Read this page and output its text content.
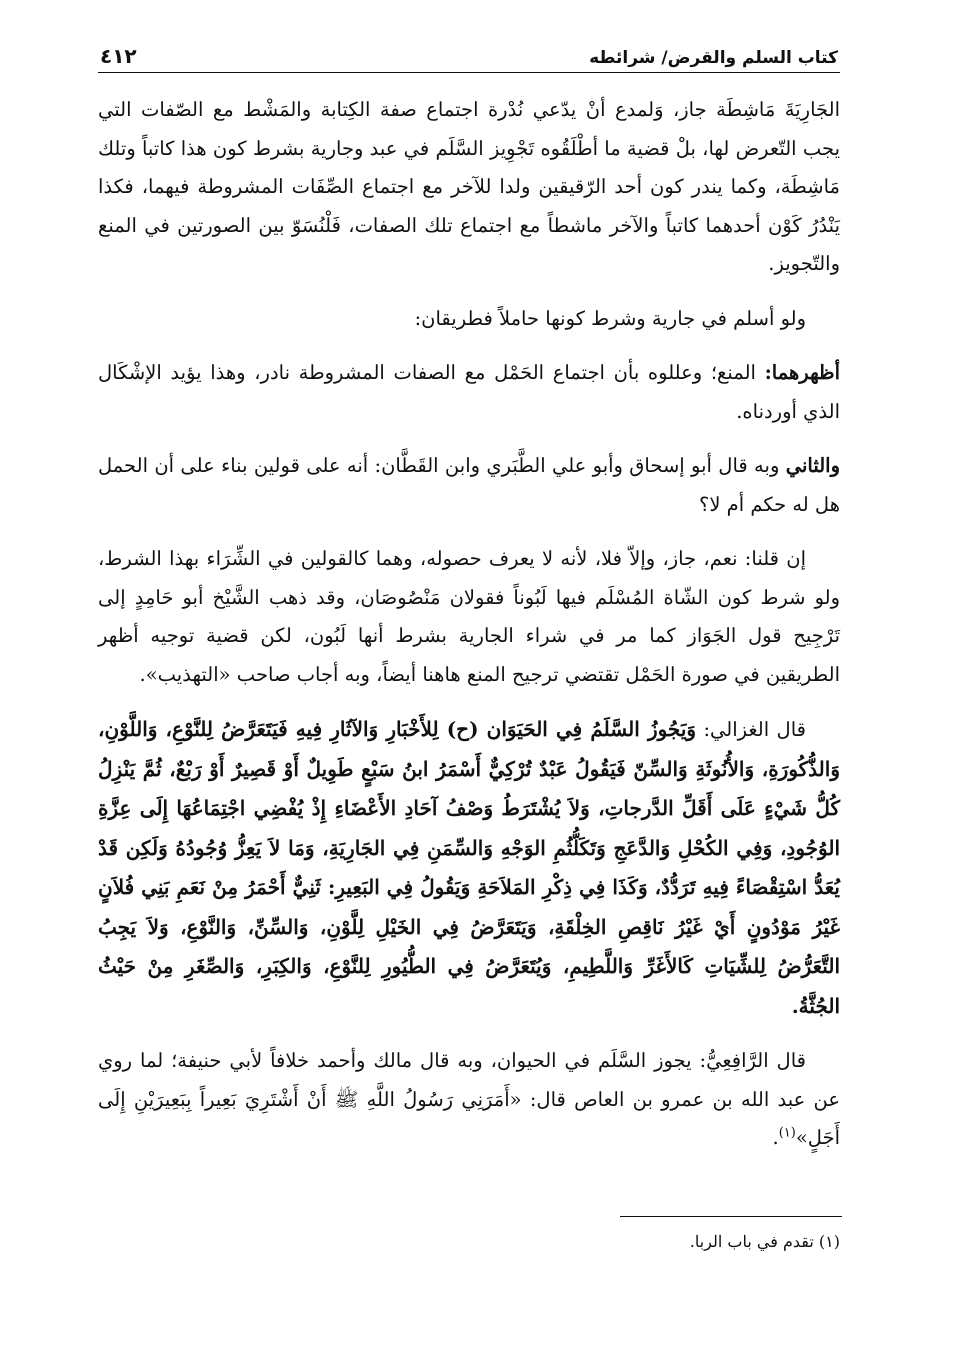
كتاب السلم والقرض/ شرائطه
٤١٢

الجَارِيَةَ مَاشِطَة جاز، وَلمدع أنْ يدّعي نُدْرة اجتماع صفة الكِتابة والمَشْط مع الصّفات التي يجب التّعرض لها، بلْ قضية ما أطْلَقُوه تَجْوِيز السَّلَم في عبد وجارية بشرط كون هذا كاتباً وتلك مَاشِطَة، وكما يندر كون أحد الرّقيقين ولدا للآخر مع اجتماع الصِّفَات المشروطة فيهما، فكذا يَنْدُرُ كَوْن أحدهما كاتباً والآخر ماشطاً مع اجتماع تلك الصفات، فَلْنُسَوّ بين الصورتين في المنع والتّجويز.

ولو أسلم في جارية وشرط كونها حاملاً فطريقان:

أظهرهما: المنع؛ وعللوه بأن اجتماع الحَمْل مع الصفات المشروطة نادر، وهذا يؤيد الإشْكَال الذي أوردناه.

والثاني وبه قال أبو إسحاق وأبو علي الطَّبَري وابن القَطَّان: أنه على قولين بناء على أن الحمل هل له حكم أم لا؟

إن قلنا: نعم، جاز، وإلاّ فلا، لأنه لا يعرف حصوله، وهما كالقولين في الشِّرَاء بهذا الشرط، ولو شرط كون الشّاة المُسْلَم فيها لَبُوناً فقولان مَنْصُوصَان، وقد ذهب الشَّيْخ أبو حَامِدٍ إلى تَرْجِيح قول الجَوَاز كما مر في شراء الجارية بشرط أنها لَبُون، لكن قضية توجيه أظهر الطريقين في صورة الحَمْل تقتضي ترجيح المنع هاهنا أيضاً، وبه أجاب صاحب «التهذيب».

قال الغزالي: وَيَجُوزُ السَّلَمُ فِي الحَيَوَان (ح) لِلأَخْبَارِ وَالآثَارِ فِيهِ فَيَتَعَرَّضُ لِلنَّوْعِ، وَاللَّوْنِ، وَالذُّكُورَةِ، وَالأُنُوثَةِ وَالسِّنّ فَيَقُولُ عَبْدٌ تُرْكِيٌّ أَسْمَرُ ابنُ سَبْعٍ طَوِيلٌ أَوْ قَصِيرٌ أَوْ رَبْعٌ، ثُمَّ يَنْزِلُ كُلُّ شَيْءٍ عَلَى أَقَلِّ الدَّرجاتِ، وَلاَ يُشْتَرَطُ وَصْفُ آحَادِ الأَعْضَاءِ إِذْ يُفْضِي اجْتِمَاعُهَا إِلَى عِزَّةِ الوُجُودِ، وَفِي الكُحْلِ وَالدَّعَجِ وَتَكَلُّثُمِ الوَجْهِ وَالسِّمَنِ فِي الجَارِيَةِ، وَمَا لاَ يَعِزُّ وُجُودُهُ وَلَكِن قَدْ يُعَدُّ اسْتِقْصَاءً فِيهِ تَرَدُّدٌ، وَكَذَا فِي ذِكْرِ المَلاَحَةِ وَيَقُولُ فِي البَعِيرِ: ثَنِيٌّ أَحْمَرُ مِنْ نَعَمِ بَنِي فُلاَنٍ غَيْرُ مَوْدُونٍ أَيْ غَيْرُ نَاقِصِ الخِلْقَةِ، وَيَتَعَرَّضُ فِي الخَيْلِ لِلَّوْنِ، وَالسِّنِّ، وَالنَّوْعِ، وَلاَ يَجِبُ التَّعَرُّضُ لِلشِّيَاتِ كَالأَغَرِّ وَاللَّطِيمِ، وَيُتَعَرَّضُ فِي الطُّيُورِ لِلنَّوْعِ، وَالكِبَرِ، وَالصِّغَرِ مِنْ حَيْثُ الجُثَّةُ.

قال الرَّافِعِيُّ: يجوز السَّلَم في الحيوان، وبه قال مالك وأحمد خلافاً لأبي حنيفة؛ لما روي عن عبد الله بن عمرو بن العاص قال: «أَمَرَنِي رَسُولُ اللَّهِ ﷺ أَنْ أَشْتَرِيَ بَعِيراً بِبَعِيرَيْنِ إِلَى أَجَلٍ»$^{(١)}$.

(١) تقدم في باب الربا.
